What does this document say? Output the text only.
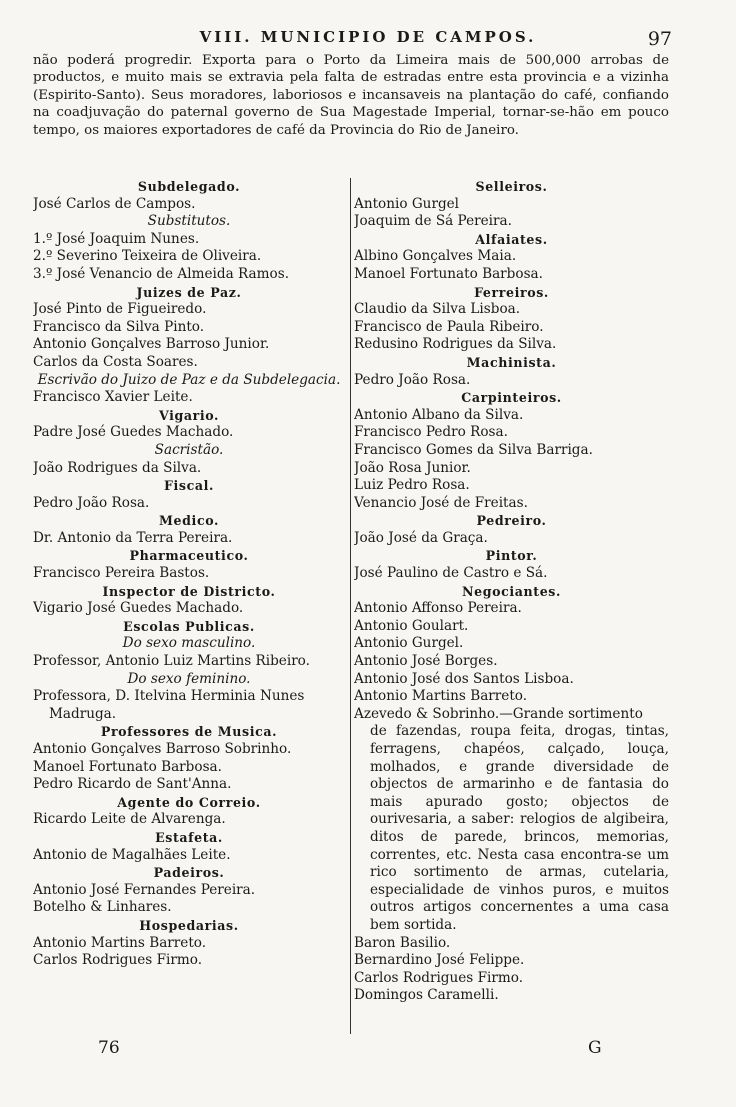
VIII. MUNICIPIO DE CAMPOS.	97

não poderá progredir. Exporta para o Porto da Limeira mais de 500,000 arrobas de productos, e muito mais se extravia pela falta de estradas entre esta provincia e a vizinha (Espirito-Santo). Seus moradores, laboriosos e incansaveis na plantação do café, confiando na coadjuvação do paternal governo de Sua Magestade Imperial, tornar-se-hão em pouco tempo, os maiores exportadores de café da Provincia do Rio de Janeiro.

Subdelegado.
José Carlos de Campos.
Substitutos.
1.º José Joaquim Nunes.
2.º Severino Teixeira de Oliveira.
3.º José Venancio de Almeida Ramos.
Juizes de Paz.
José Pinto de Figueiredo.
Francisco da Silva Pinto.
Antonio Gonçalves Barroso Junior.
Carlos da Costa Soares.
Escrivão do Juizo de Paz e da Subdelegacia.
Francisco Xavier Leite.
Vigario.
Padre José Guedes Machado.
Sacristão.
João Rodrigues da Silva.
Fiscal.
Pedro João Rosa.
Medico.
Dr. Antonio da Terra Pereira.
Pharmaceutico.
Francisco Pereira Bastos.
Inspector de Districto.
Vigario José Guedes Machado.
Escolas Publicas.
Do sexo masculino.
Professor, Antonio Luiz Martins Ribeiro.
Do sexo feminino.
Professora, D. Itelvina Herminia Nunes Madruga.
Professores de Musica.
Antonio Gonçalves Barroso Sobrinho.
Manoel Fortunato Barbosa.
Pedro Ricardo de Sant'Anna.
Agente do Correio.
Ricardo Leite de Alvarenga.
Estafeta.
Antonio de Magalhães Leite.
Padeiros.
Antonio José Fernandes Pereira.
Botelho & Linhares.
Hospedarias.
Antonio Martins Barreto.
Carlos Rodrigues Firmo.
Selleiros.
Antonio Gurgel
Joaquim de Sá Pereira.
Alfaiates.
Albino Gonçalves Maia.
Manoel Fortunato Barbosa.
Ferreiros.
Claudio da Silva Lisboa.
Francisco de Paula Ribeiro.
Redusino Rodrigues da Silva.
Machinista.
Pedro João Rosa.
Carpinteiros.
Antonio Albano da Silva.
Francisco Pedro Rosa.
Francisco Gomes da Silva Barriga.
João Rosa Junior.
Luiz Pedro Rosa.
Venancio José de Freitas.
Pedreiro.
João José da Graça.
Pintor.
José Paulino de Castro e Sá.
Negociantes.
Antonio Affonso Pereira.
Antonio Goulart.
Antonio Gurgel.
Antonio José Borges.
Antonio José dos Santos Lisboa.
Antonio Martins Barreto.
Azevedo & Sobrinho.—Grande sortimento
de fazendas, roupa feita, drogas, tintas, ferragens, chapéos, calçado, louça, molhados, e grande diversidade de objectos de armarinho e de fantasia do mais apurado gosto; objectos de ourivesaria, a saber: relogios de algibeira, ditos de parede, brincos, memorias, correntes, etc. Nesta casa encontra-se um rico sortimento de armas, cutelaria, especialidade de vinhos puros, e muitos outros artigos concernentes a uma casa bem sortida.
Baron Basilio.
Bernardino José Felippe.
Carlos Rodrigues Firmo.
Domingos Caramelli.
76	G
